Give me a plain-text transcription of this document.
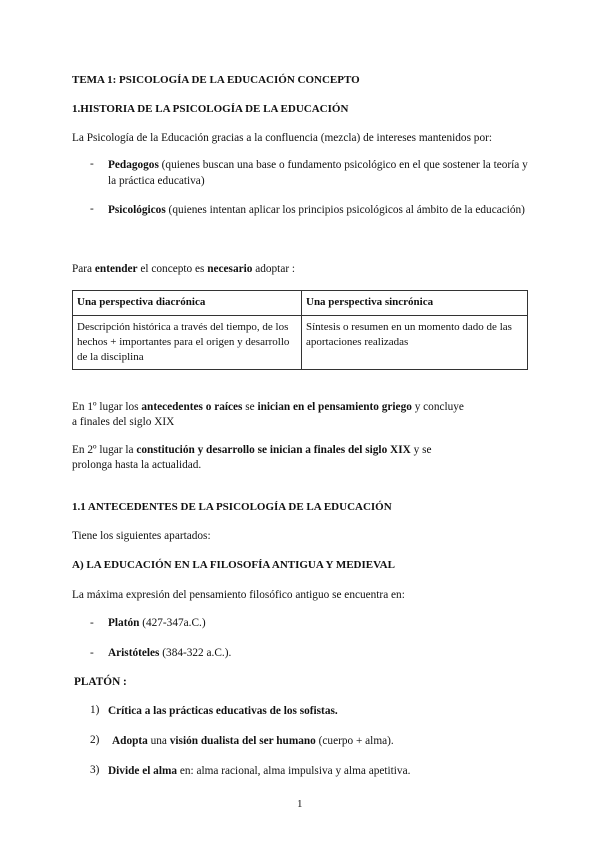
TEMA 1: PSICOLOGÍA DE LA EDUCACIÓN CONCEPTO
1.HISTORIA DE LA PSICOLOGÍA DE LA EDUCACIÓN
La Psicología de la Educación gracias a la confluencia (mezcla) de intereses mantenidos por:
- Pedagogos (quienes buscan una base o fundamento psicológico en el que sostener la teoría y la práctica educativa)
- Psicológicos (quienes intentan aplicar los principios psicológicos al ámbito de la educación)
Para entender el concepto es necesario adoptar :
Una perspectiva diacrónica	Una perspectiva sincrónica
Descripción histórica a través del tiempo, de los hechos + importantes para el origen y desarrollo de la disciplina	Síntesis o resumen en un momento dado de las aportaciones realizadas
En 1º lugar los antecedentes o raíces se inician en el pensamiento griego y concluye
a finales del siglo XIX
En 2º lugar la constitución y desarrollo se inician a finales del siglo XIX y se
prolonga hasta la actualidad.
1.1 ANTECEDENTES DE LA PSICOLOGÍA DE LA EDUCACIÓN
Tiene los siguientes apartados:
A) LA EDUCACIÓN EN LA FILOSOFÍA ANTIGUA Y MEDIEVAL
La máxima expresión del pensamiento filosófico antiguo se encuentra en:
- Platón (427-347a.C.)
- Aristóteles (384-322 a.C.).
PLATÓN :
1) Crítica a las prácticas educativas de los sofistas.
2) Adopta una visión dualista del ser humano (cuerpo + alma).
3) Divide el alma en: alma racional, alma impulsiva y alma apetitiva.
1
